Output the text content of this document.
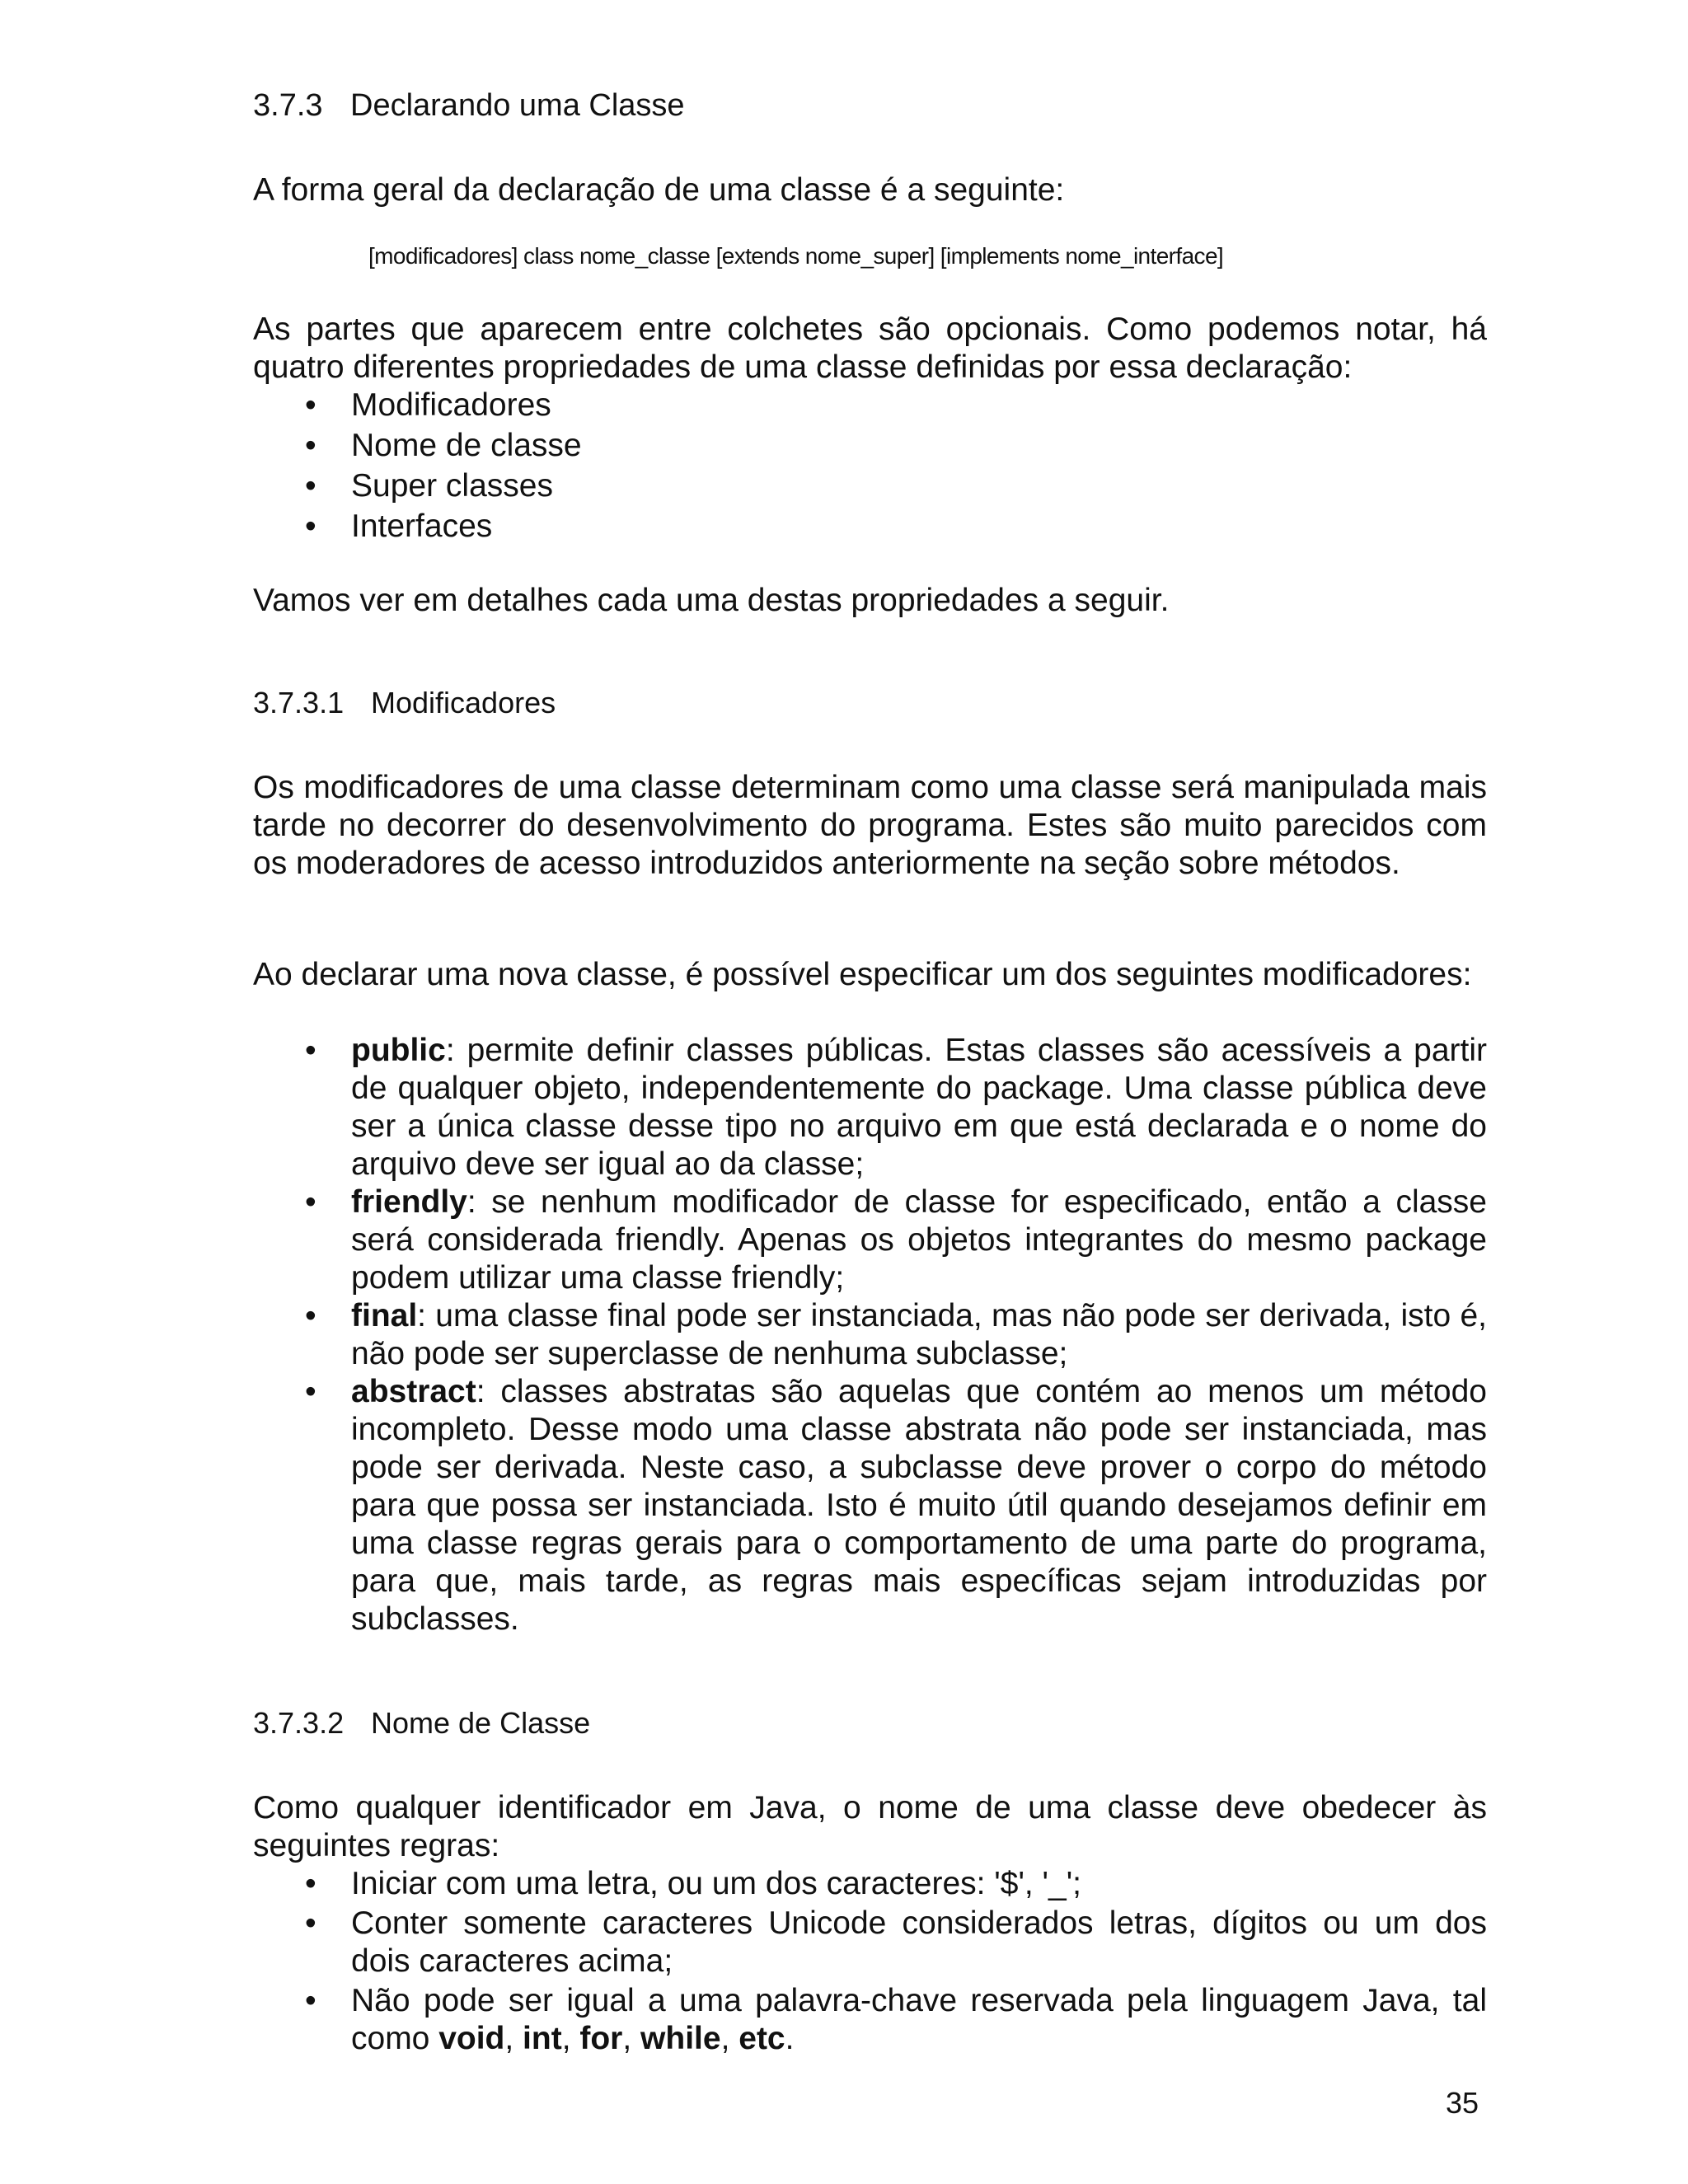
3.7.3 Declarando uma Classe
A forma geral da declaração de uma classe é a seguinte:
[modificadores] class nome_classe [extends nome_super] [implements nome_interface]
As partes que aparecem entre colchetes são opcionais. Como podemos notar, há quatro diferentes propriedades de uma classe definidas por essa declaração:
• Modificadores
• Nome de classe
• Super classes
• Interfaces
Vamos ver em detalhes cada uma destas propriedades a seguir.
3.7.3.1 Modificadores
Os modificadores de uma classe determinam como uma classe será manipulada mais tarde no decorrer do desenvolvimento do programa. Estes são muito parecidos com os moderadores de acesso introduzidos anteriormente na seção sobre métodos.
Ao declarar uma nova classe, é possível especificar um dos seguintes modificadores:
• public: permite definir classes públicas. Estas classes são acessíveis a partir de qualquer objeto, independentemente do package. Uma classe pública deve ser a única classe desse tipo no arquivo em que está declarada e o nome do arquivo deve ser igual ao da classe;
• friendly: se nenhum modificador de classe for especificado, então a classe será considerada friendly. Apenas os objetos integrantes do mesmo package podem utilizar uma classe friendly;
• final: uma classe final pode ser instanciada, mas não pode ser derivada, isto é, não pode ser superclasse de nenhuma subclasse;
• abstract: classes abstratas são aquelas que contém ao menos um método incompleto. Desse modo uma classe abstrata não pode ser instanciada, mas pode ser derivada. Neste caso, a subclasse deve prover o corpo do método para que possa ser instanciada. Isto é muito útil quando desejamos definir em uma classe regras gerais para o comportamento de uma parte do programa, para que, mais tarde, as regras mais específicas sejam introduzidas por subclasses.
3.7.3.2 Nome de Classe
Como qualquer identificador em Java, o nome de uma classe deve obedecer às seguintes regras:
• Iniciar com uma letra, ou um dos caracteres: '$', '_';
• Conter somente caracteres Unicode considerados letras, dígitos ou um dos dois caracteres acima;
• Não pode ser igual a uma palavra-chave reservada pela linguagem Java, tal como void, int, for, while, etc.
35
